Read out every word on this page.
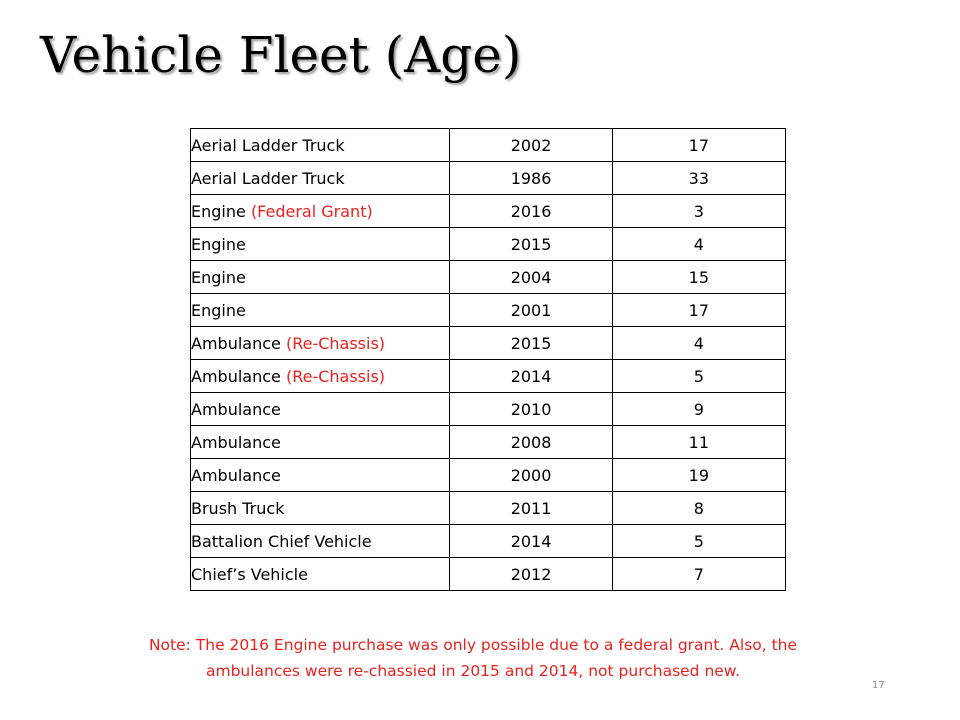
Vehicle Fleet (Age)
Aerial Ladder Truck	2002	17
Aerial Ladder Truck	1986	33
Engine (Federal Grant)	2016	3
Engine	2015	4
Engine	2004	15
Engine	2001	17
Ambulance (Re-Chassis)	2015	4
Ambulance (Re-Chassis)	2014	5
Ambulance	2010	9
Ambulance	2008	11
Ambulance	2000	19
Brush Truck	2011	8
Battalion Chief Vehicle	2014	5
Chief’s Vehicle	2012	7
Note: The 2016 Engine purchase was only possible due to a federal grant. Also, the
ambulances were re-chassied in 2015 and 2014, not purchased new.
17
